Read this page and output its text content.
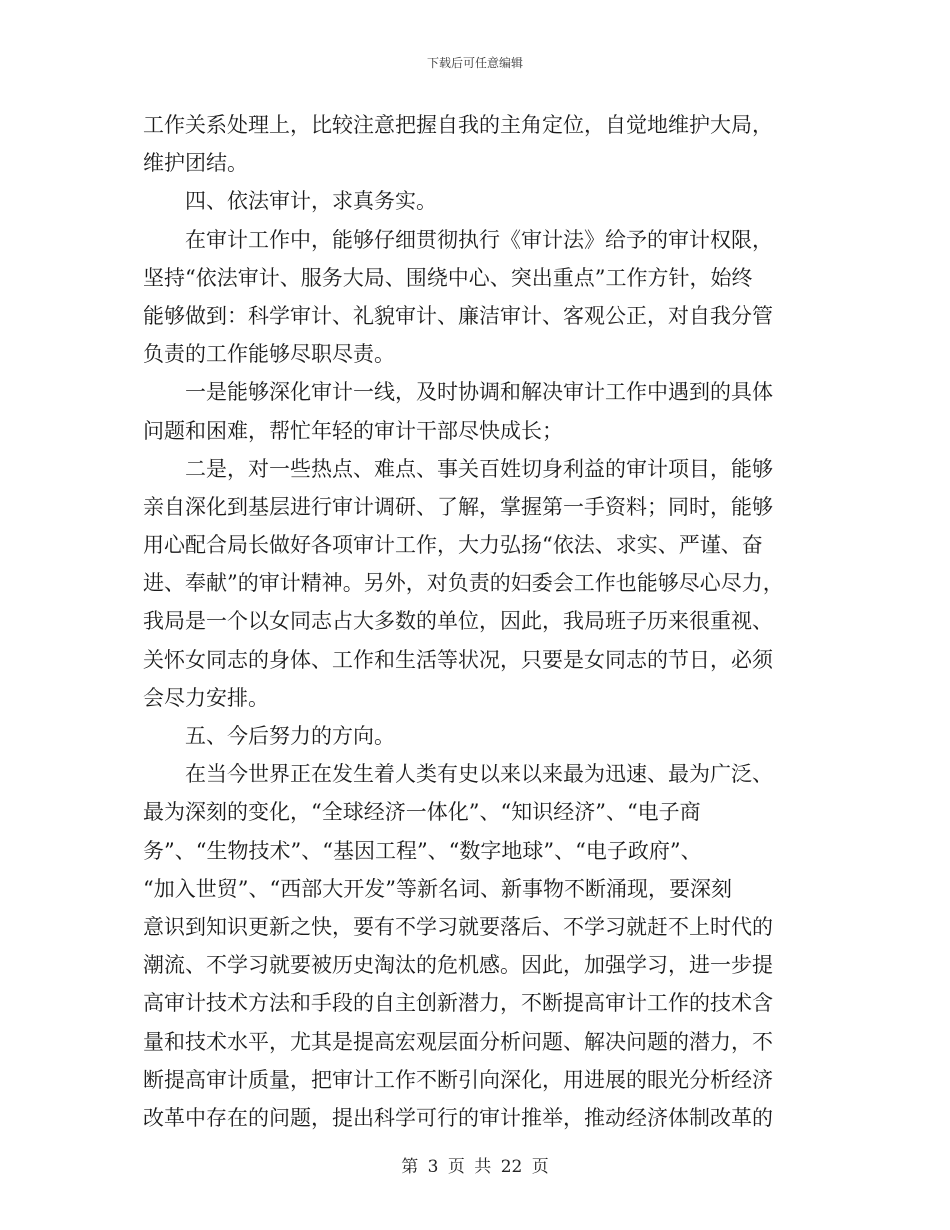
下载后可任意编辑
工作关系处理上，比较注意把握自我的主角定位，自觉地维护大局，
维护团结。
四、依法审计，求真务实。
在审计工作中，能够仔细贯彻执行《审计法》给予的审计权限，
坚持“依法审计、服务大局、围绕中心、突出重点”工作方针，始终
能够做到：科学审计、礼貌审计、廉洁审计、客观公正，对自我分管
负责的工作能够尽职尽责。
一是能够深化审计一线，及时协调和解决审计工作中遇到的具体
问题和困难，帮忙年轻的审计干部尽快成长；
二是，对一些热点、难点、事关百姓切身利益的审计项目，能够
亲自深化到基层进行审计调研、了解，掌握第一手资料；同时，能够
用心配合局长做好各项审计工作，大力弘扬“依法、求实、严谨、奋
进、奉献”的审计精神。另外，对负责的妇委会工作也能够尽心尽力，
我局是一个以女同志占大多数的单位，因此，我局班子历来很重视、
关怀女同志的身体、工作和生活等状况，只要是女同志的节日，必须
会尽力安排。
五、今后努力的方向。
在当今世界正在发生着人类有史以来以来最为迅速、最为广泛、
最为深刻的变化，“全球经济一体化”、“知识经济”、“电子商
务”、“生物技术”、“基因工程”、“数字地球”、“电子政府”、
“加入世贸”、“西部大开发”等新名词、新事物不断涌现，要深刻
意识到知识更新之快，要有不学习就要落后、不学习就赶不上时代的
潮流、不学习就要被历史淘汰的危机感。因此，加强学习，进一步提
高审计技术方法和手段的自主创新潜力，不断提高审计工作的技术含
量和技术水平，尤其是提高宏观层面分析问题、解决问题的潜力，不
断提高审计质量，把审计工作不断引向深化，用进展的眼光分析经济
改革中存在的问题，提出科学可行的审计推举，推动经济体制改革的
第 3 页 共 22 页
